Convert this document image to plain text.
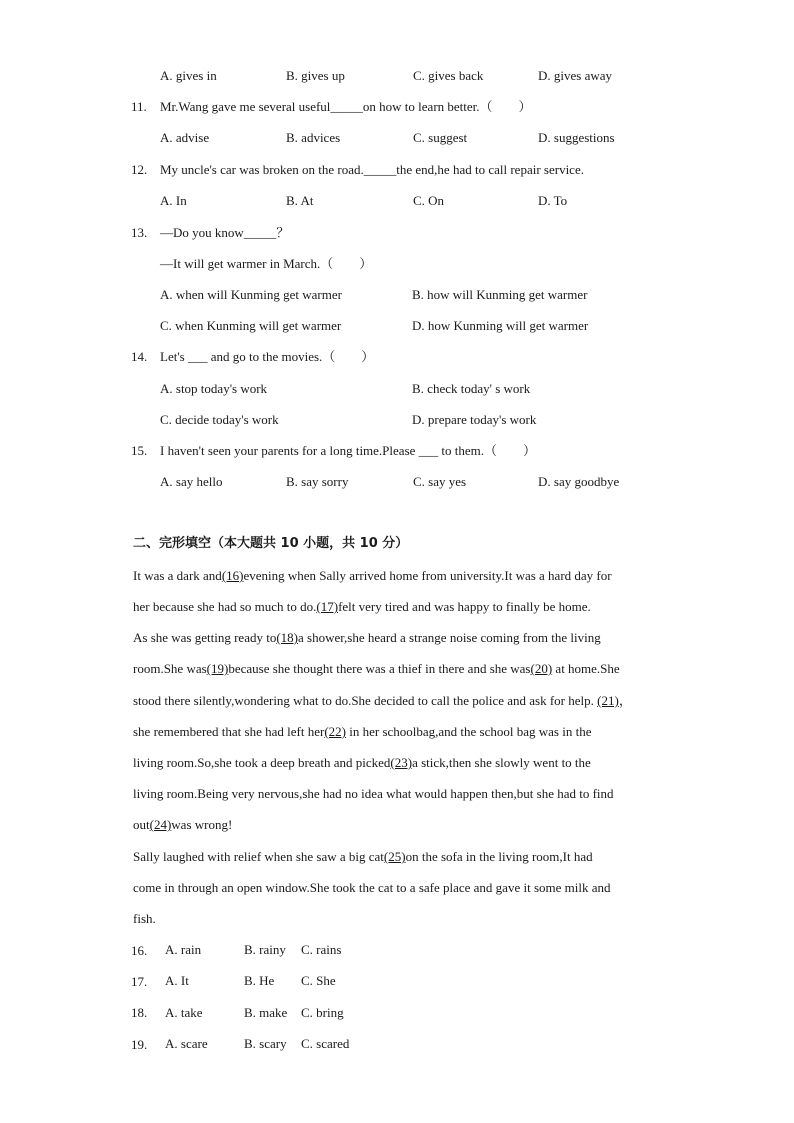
A. gives in	B. gives up	C. gives back	D. gives away
11. Mr.Wang gave me several useful_____on how to learn better.（　　）
A. advise	B. advices	C. suggest	D. suggestions
12. My uncle's car was broken on the road._____the end,he had to call repair service.
A. In	B. At	C. On	D. To
13. —Do you know_____？
—It will get warmer in March.（　　）
A. when will Kunming get warmer	B. how will Kunming get warmer
C. when Kunming will get warmer	D. how Kunming will get warmer
14. Let's ___ and go to the movies.（　　）
A. stop today's work	B. check today' s work
C. decide today's work	D. prepare today's work
15. I haven't seen your parents for a long time.Please ___ to them.（　　）
A. say hello	B. say sorry	C. say yes	D. say goodbye
二、完形填空（本大题共 10 小题，共 10 分）
It was a dark and(16)evening when Sally arrived home from university.It was a hard day for
her because she had so much to do.(17)felt very tired and was happy to finally be home.
As she was getting ready to(18)a shower,she heard a strange noise coming from the living
room.She was(19)because she thought there was a thief in there and she was(20) at home.She
stood there silently,wondering what to do.She decided to call the police and ask for help. (21)，
she remembered that she had left her(22) in her schoolbag,and the school bag was in the
living room.So,she took a deep breath and picked(23)a stick,then she slowly went to the
living room.Being very nervous,she had no idea what would happen then,but she had to find
out(24)was wrong!
Sally laughed with relief when she saw a big cat(25)on the sofa in the living room,It had
come in through an open window.She took the cat to a safe place and gave it some milk and
fish.
16. A. rain	B. rainy C. rains
17. A. It	B. He C. She
18. A. take	B. make C. bring
19. A. scare	B. scary C. scared
